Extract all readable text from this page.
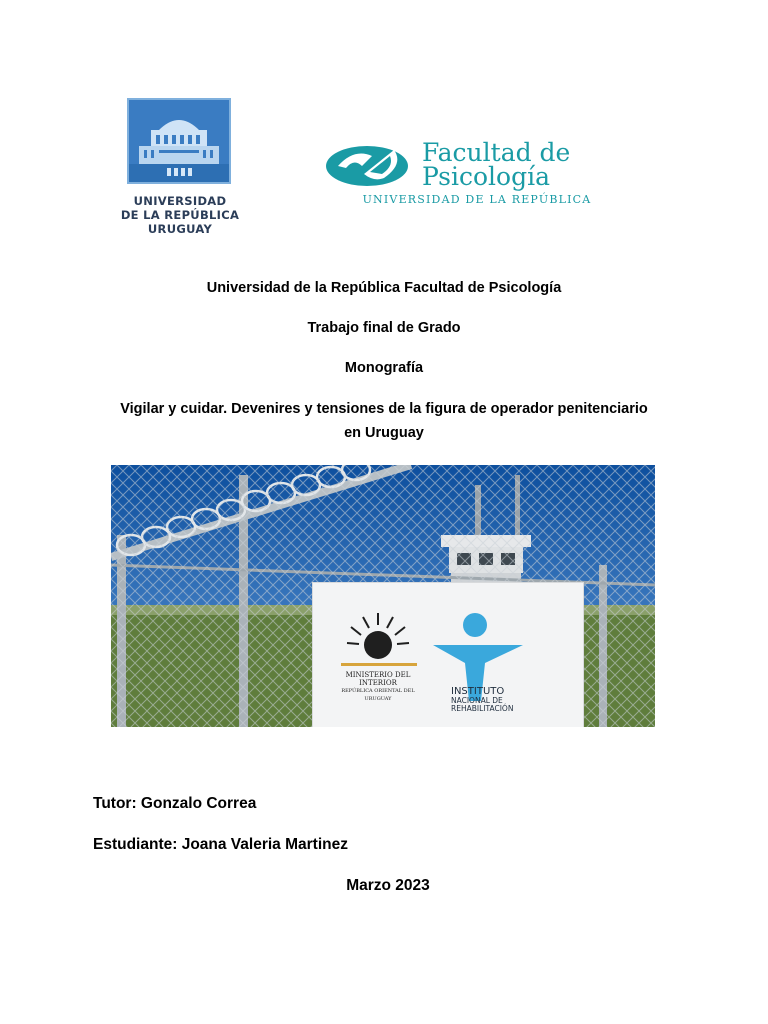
UNIVERSIDAD
DE LA REPÚBLICA
URUGUAY
Facultad de
Psicología
UNIVERSIDAD DE LA REPÚBLICA
Universidad de la República Facultad de Psicología
Trabajo final de Grado
Monografía
Vigilar y cuidar. Devenires y tensiones de la figura de operador penitenciario
en Uruguay
MINISTERIO DEL INTERIOR
REPÚBLICA ORIENTAL DEL URUGUAY
INSTITUTO
NACIONAL DE
REHABILITACIÓN
Tutor: Gonzalo Correa
Estudiante: Joana Valeria Martinez
Marzo 2023
